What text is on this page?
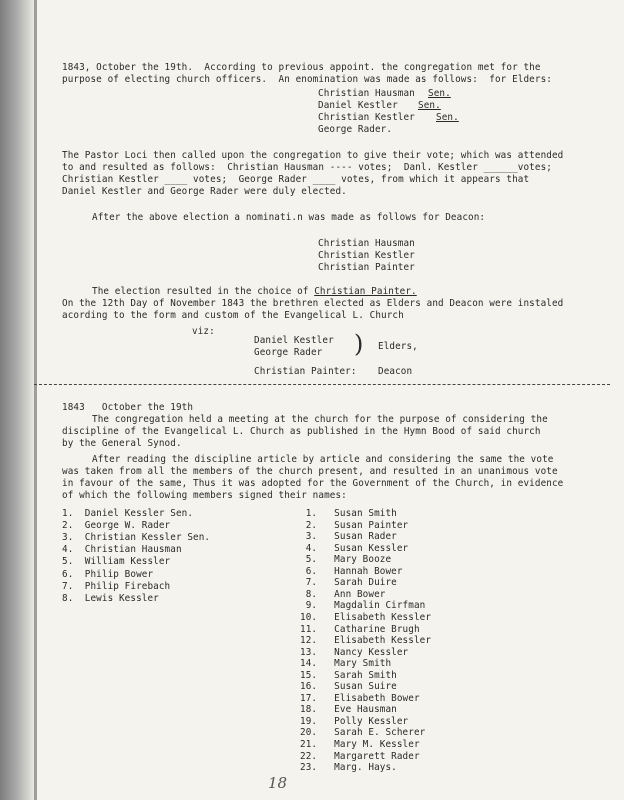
1843, October the 19th.  According to previous appoint. the congregation met for the
purpose of electing church officers.  An enomination was made as follows:  for Elders:
Christian Hausman Sen.
Daniel Kestler Sen.
Christian Kestler Sen.
George Rader.
The Pastor Loci then called upon the congregation to give their vote; which was attended
to and resulted as follows:  Christian Hausman ---- votes;  Danl. Kestler ______votes;
Christian Kestler ____ votes;  George Rader ____ votes, from which it appears that
Daniel Kestler and George Rader were duly elected.
After the above election a nominati.n was made as follows for Deacon:
Christian Hausman
Christian Kestler
Christian Painter
The election resulted in the choice of Christian Painter.
On the 12th Day of November 1843 the brethren elected as Elders and Deacon were instaled
acording to the form and custom of the Evangelical L. Church
viz:
Daniel Kestler
George Rader ) Elders,
Christian Painter: Deacon
1843   October the 19th
The congregation held a meeting at the church for the purpose of considering the
discipline of the Evangelical L. Church as published in the Hymn Bood of said church
by the General Synod.
After reading the discipline article by article and considering the same the vote
was taken from all the members of the church present, and resulted in an unanimous vote
in favour of the same, Thus it was adopted for the Government of the Church, in evidence
of which the following members signed their names:
1.  Daniel Kessler Sen.
2.  George W. Rader
3.  Christian Kessler Sen.
4.  Christian Hausman
5.  William Kessler
6.  Philip Bower
7.  Philip Firebach
8.  Lewis Kessler
1.   Susan Smith
2.   Susan Painter
3.   Susan Rader
4.   Susan Kessler
5.   Mary Booze
6.   Hannah Bower
7.   Sarah Duire
8.   Ann Bower
9.   Magdalin Cirfman
10.   Elisabeth Kessler
11.   Catharine Brugh
12.   Elisabeth Kessler
13.   Nancy Kessler
14.   Mary Smith
15.   Sarah Smith
16.   Susan Suire
17.   Elisabeth Bower
18.   Eve Hausman
19.   Polly Kessler
20.   Sarah E. Scherer
21.   Mary M. Kessler
22.   Margarett Rader
23.   Marg. Hays.
18
